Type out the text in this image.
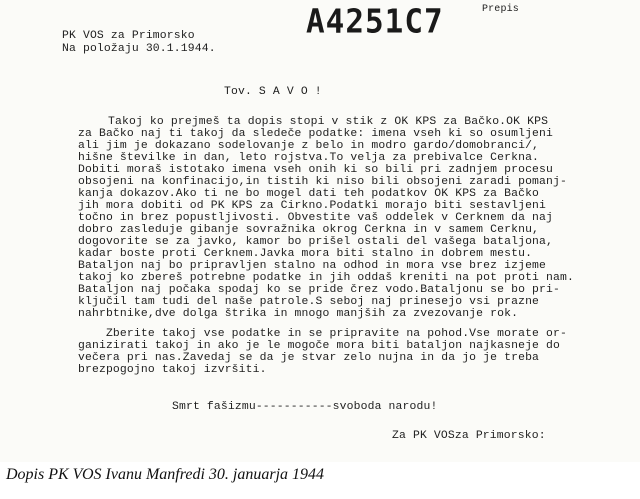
PK VOS za Primorsko
Na položaju 30.1.1944.
A4251C7	Prepis
Tov. S A V O !
Takoj ko prejmeš ta dopis stopi v stik z OK KPS za Bačko.OK KPS
za Bačko naj ti takoj da sledeče podatke: imena vseh ki so osumljeni
ali jim je dokazano sodelovanje z belo in modro gardo/domobranci/,
hišne številke in dan, leto rojstva.To velja za prebivalce Cerkna.
Dobiti moraš istotako imena vseh onih ki so bili pri zadnjem procesu
obsojeni na konfinacijo,in tistih ki niso bili obsojeni zaradi pomanj-
kanja dokazov.Ako ti ne bo mogel dati teh podatkov OK KPS za Bačko
jih mora dobiti od PK KPS za Cirkno.Podatki morajo biti sestavljeni
točno in brez popustljivosti. Obvestite vaš oddelek v Cerknem da naj
dobro zasleduje gibanje sovražnika okrog Cerkna in v samem Cerknu,
dogovorite se za javko, kamor bo prišel ostali del vašega bataljona,
kadar boste proti Cerknem.Javka mora biti stalno in dobrem mestu.
Bataljon naj bo pripravljen stalno na odhod in mora vse brez izjeme
takoj ko zbereš potrebne podatke in jih oddaš kreniti na pot proti nam.
Bataljon naj počaka spodaj ko se pride črez vodo.Bataljonu se bo pri-
ključil tam tudi del naše patrole.S seboj naj prinesejo vsi prazne
nahrbtnike,dve dolga štrika in mnogo manjših za zvezovanje rok.
Zberite takoj vse podatke in se pripravite na pohod.Vse morate or-
ganizirati takoj in ako je le mogoče mora biti bataljon najkasneje do
večera pri nas.Zavedaj se da je stvar zelo nujna in da jo je treba
brezpogojno takoj izvršiti.
Smrt fašizmu-----------svoboda narodu!
Za PK VOSza Primorsko:
Dopis PK VOS Ivanu Manfredi 30. januarja 1944
